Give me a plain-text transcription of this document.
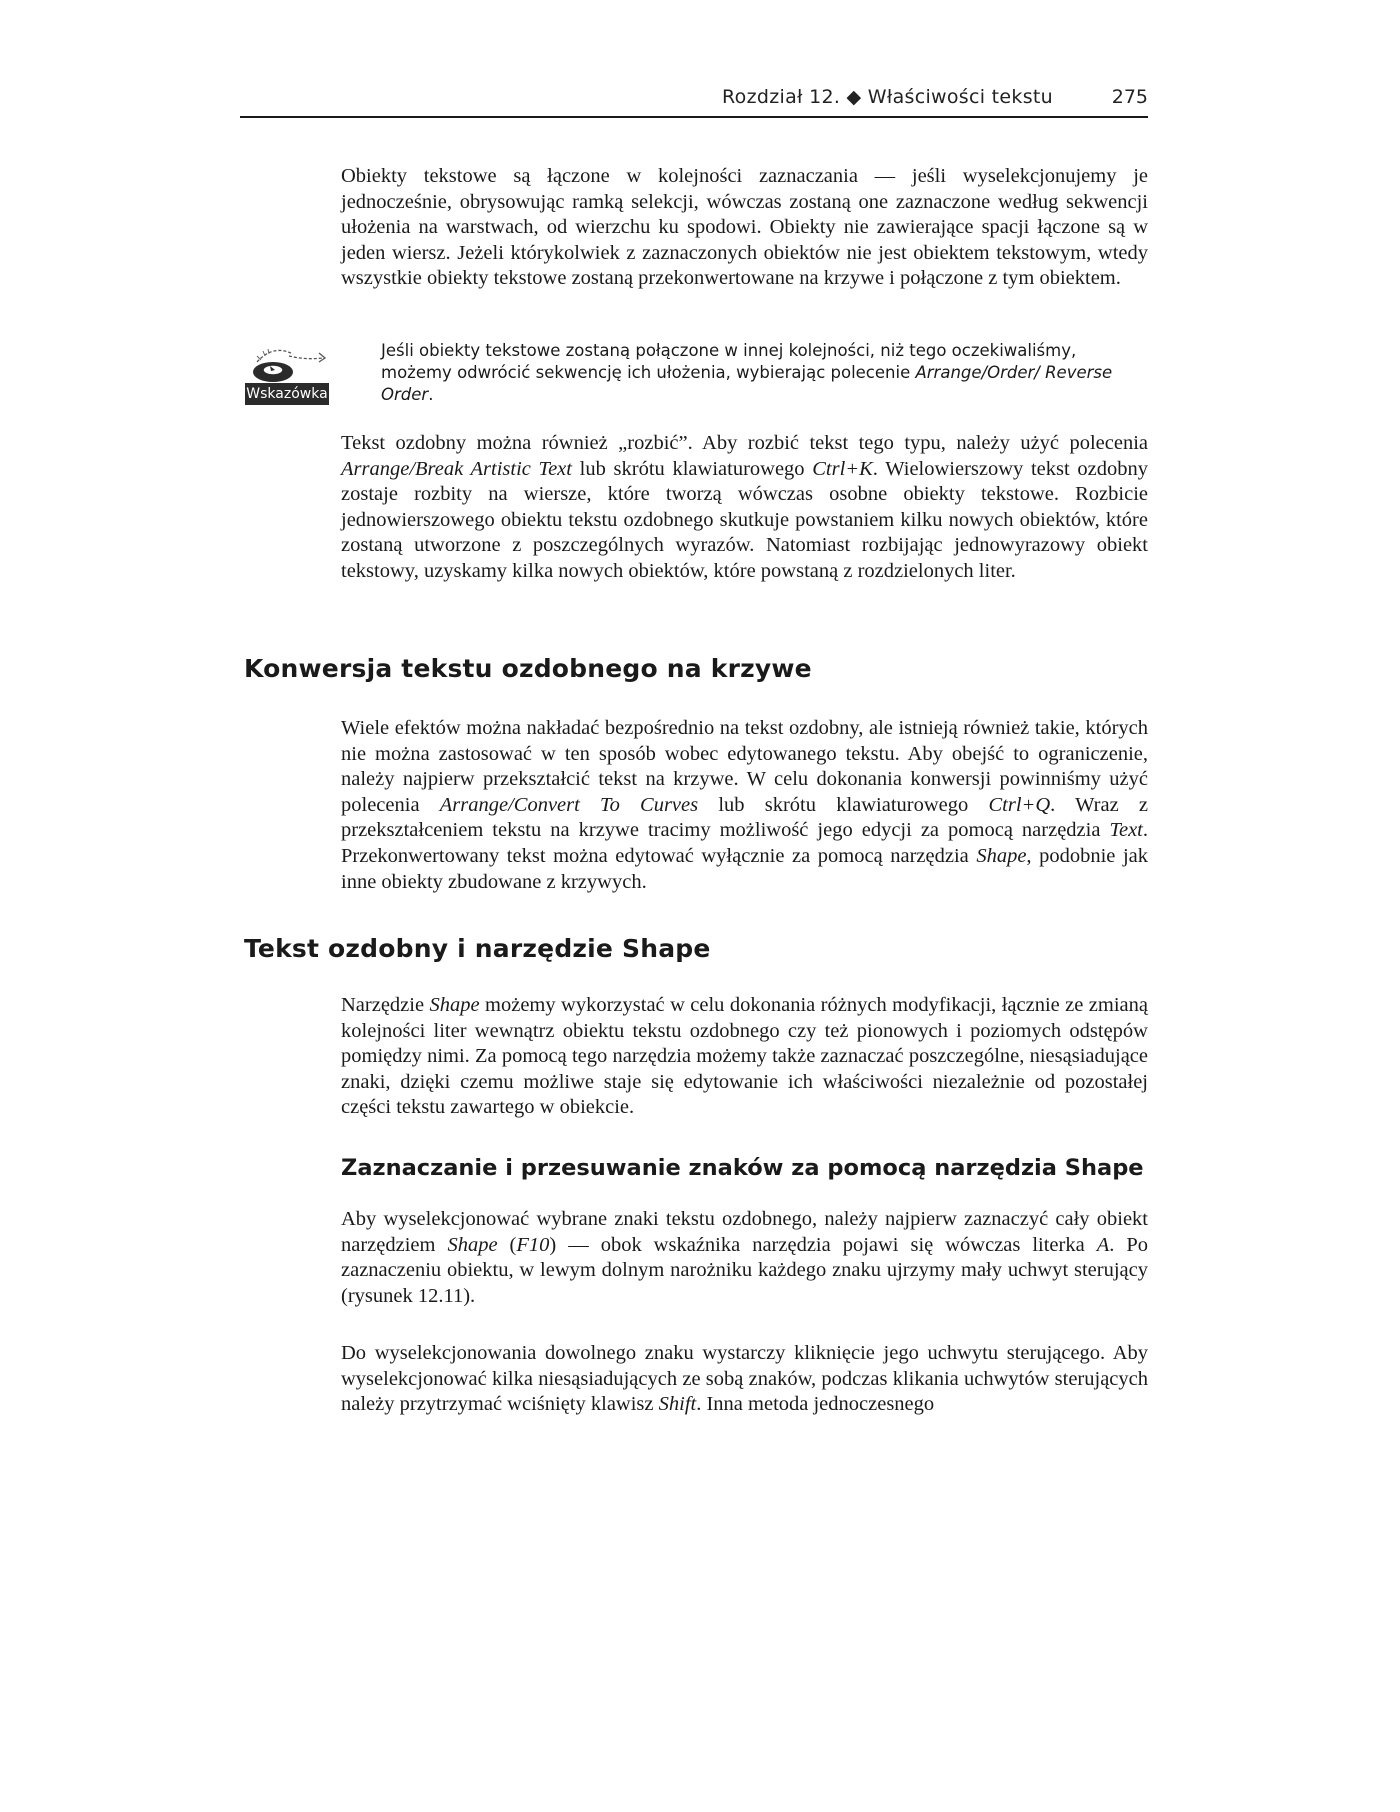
Rozdział 12. ◆ Właściwości tekstu	275

Obiekty tekstowe są łączone w kolejności zaznaczania — jeśli wyselekcjonujemy je jednocześnie, obrysowując ramką selekcji, wówczas zostaną one zaznaczone według sekwencji ułożenia na warstwach, od wierzchu ku spodowi. Obiekty nie zawierające spacji łączone są w jeden wiersz. Jeżeli którykolwiek z zaznaczonych obiektów nie jest obiektem tekstowym, wtedy wszystkie obiekty tekstowe zostaną przekonwertowane na krzywe i połączone z tym obiektem.

Wskazówka

Jeśli obiekty tekstowe zostaną połączone w innej kolejności, niż tego oczekiwaliśmy, możemy odwrócić sekwencję ich ułożenia, wybierając polecenie Arrange/Order/ Reverse Order.

Tekst ozdobny można również „rozbić”. Aby rozbić tekst tego typu, należy użyć polecenia Arrange/Break Artistic Text lub skrótu klawiaturowego Ctrl+K. Wielowierszowy tekst ozdobny zostaje rozbity na wiersze, które tworzą wówczas osobne obiekty tekstowe. Rozbicie jednowierszowego obiektu tekstu ozdobnego skutkuje powstaniem kilku nowych obiektów, które zostaną utworzone z poszczególnych wyrazów. Natomiast rozbijając jednowyrazowy obiekt tekstowy, uzyskamy kilka nowych obiektów, które powstaną z rozdzielonych liter.

Konwersja tekstu ozdobnego na krzywe

Wiele efektów można nakładać bezpośrednio na tekst ozdobny, ale istnieją również takie, których nie można zastosować w ten sposób wobec edytowanego tekstu. Aby obejść to ograniczenie, należy najpierw przekształcić tekst na krzywe. W celu dokonania konwersji powinniśmy użyć polecenia Arrange/Convert To Curves lub skrótu klawiaturowego Ctrl+Q. Wraz z przekształceniem tekstu na krzywe tracimy możliwość jego edycji za pomocą narzędzia Text. Przekonwertowany tekst można edytować wyłącznie za pomocą narzędzia Shape, podobnie jak inne obiekty zbudowane z krzywych.

Tekst ozdobny i narzędzie Shape

Narzędzie Shape możemy wykorzystać w celu dokonania różnych modyfikacji, łącznie ze zmianą kolejności liter wewnątrz obiektu tekstu ozdobnego czy też pionowych i poziomych odstępów pomiędzy nimi. Za pomocą tego narzędzia możemy także zaznaczać poszczególne, niesąsiadujące znaki, dzięki czemu możliwe staje się edytowanie ich właściwości niezależnie od pozostałej części tekstu zawartego w obiekcie.

Zaznaczanie i przesuwanie znaków za pomocą narzędzia Shape

Aby wyselekcjonować wybrane znaki tekstu ozdobnego, należy najpierw zaznaczyć cały obiekt narzędziem Shape (F10) — obok wskaźnika narzędzia pojawi się wówczas literka A. Po zaznaczeniu obiektu, w lewym dolnym narożniku każdego znaku ujrzymy mały uchwyt sterujący (rysunek 12.11).

Do wyselekcjonowania dowolnego znaku wystarczy kliknięcie jego uchwytu sterującego. Aby wyselekcjonować kilka niesąsiadujących ze sobą znaków, podczas klikania uchwytów sterujących należy przytrzymać wciśnięty klawisz Shift. Inna metoda jednoczesnego
